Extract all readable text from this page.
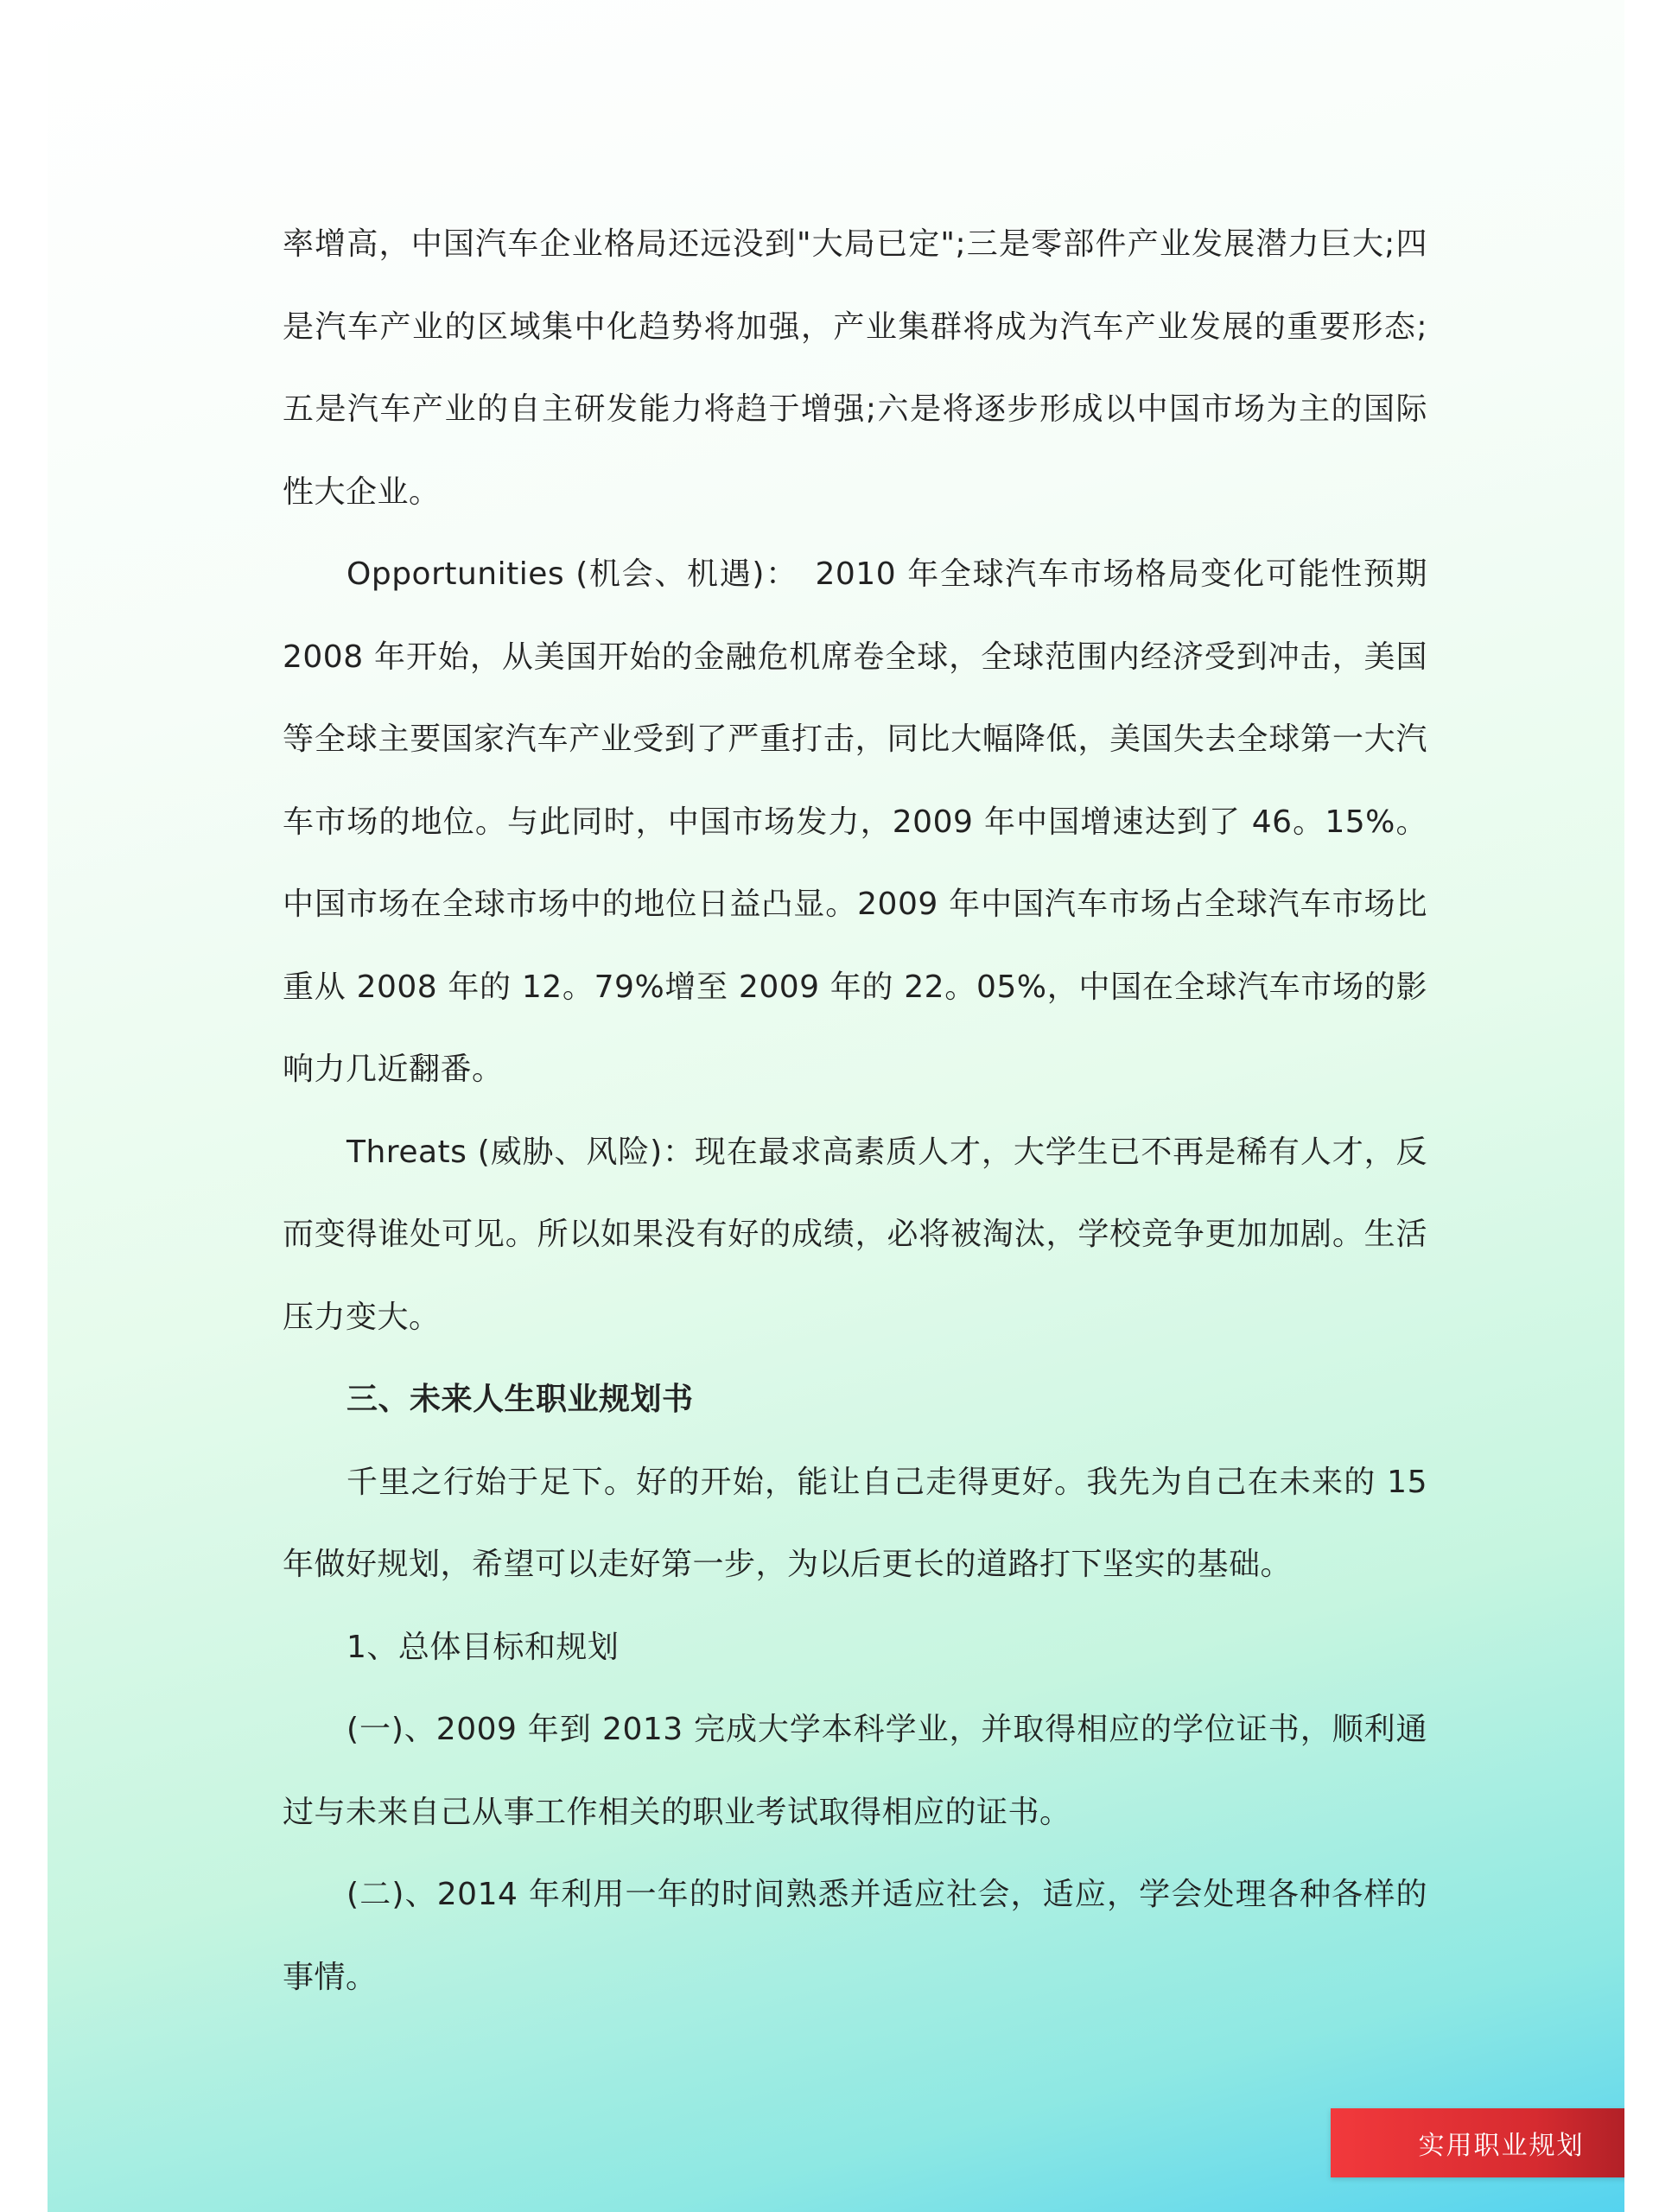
率增高，中国汽车企业格局还远没到"大局已定";三是零部件产业发展潜力巨大;四是汽车产业的区域集中化趋势将加强，产业集群将成为汽车产业发展的重要形态;五是汽车产业的自主研发能力将趋于增强;六是将逐步形成以中国市场为主的国际性大企业。

Opportunities (机会、机遇)：　2010 年全球汽车市场格局变化可能性预期 2008 年开始，从美国开始的金融危机席卷全球，全球范围内经济受到冲击，美国等全球主要国家汽车产业受到了严重打击，同比大幅降低，美国失去全球第一大汽车市场的地位。与此同时，中国市场发力，2009 年中国增速达到了 46。15%。中国市场在全球市场中的地位日益凸显。2009 年中国汽车市场占全球汽车市场比重从 2008 年的 12。79%增至 2009 年的 22。05%，中国在全球汽车市场的影响力几近翻番。

Threats (威胁、风险)：现在最求高素质人才，大学生已不再是稀有人才，反而变得谁处可见。所以如果没有好的成绩，必将被淘汰，学校竞争更加加剧。生活压力变大。

三、未来人生职业规划书

千里之行始于足下。好的开始，能让自己走得更好。我先为自己在未来的 15 年做好规划，希望可以走好第一步，为以后更长的道路打下坚实的基础。

1、总体目标和规划

(一)、2009 年到 2013 完成大学本科学业，并取得相应的学位证书，顺利通过与未来自己从事工作相关的职业考试取得相应的证书。

(二)、2014 年利用一年的时间熟悉并适应社会，适应，学会处理各种各样的事情。

实用职业规划
